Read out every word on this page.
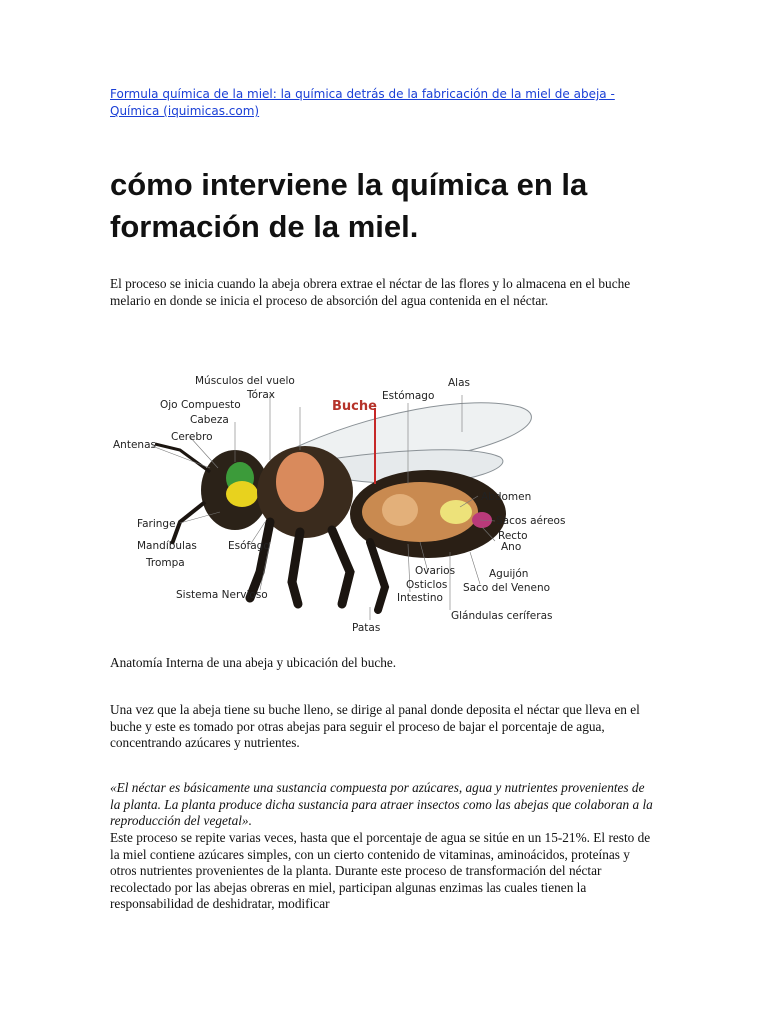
Formula química de la miel: la química detrás de la fabricación de la miel de abeja - Química (iquimicas.com)
cómo interviene la química en la formación de la miel.

El proceso se inicia cuando la abeja obrera extrae el néctar de las flores y lo almacena en el buche melario en donde se inicia el proceso de absorción del agua contenida en el néctar.

Músculos del vuelo
Tórax
Ojo Compuesto
Cabeza
Cerebro
Antenas
Faringe
Mandíbulas
Trompa
Esófago
Sistema Nervioso
Buche
Estómago
Alas
Abdomen
Sacos aéreos
Recto
Ano
Ovarios	Aguijón
Osticlos Saco del Veneno
Intestino
Glándulas ceríferas
Patas

Anatomía Interna de una abeja y ubicación del buche.

Una vez que la abeja tiene su buche lleno, se dirige al panal donde deposita el néctar que lleva en el buche y este es tomado por otras abejas para seguir el proceso de bajar el porcentaje de agua, concentrando azúcares y nutrientes.

«El néctar es básicamente una sustancia compuesta por azúcares, agua y nutrientes provenientes de la planta. La planta produce dicha sustancia para atraer insectos como las abejas que colaboran a la reproducción del vegetal».

Este proceso se repite varias veces, hasta que el porcentaje de agua se sitúe en un 15-21%. El resto de la miel contiene azúcares simples, con un cierto contenido de vitaminas, aminoácidos, proteínas y otros nutrientes provenientes de la planta. Durante este proceso de transformación del néctar recolectado por las abejas obreras en miel, participan algunas enzimas las cuales tienen la responsabilidad de deshidratar, modificar
